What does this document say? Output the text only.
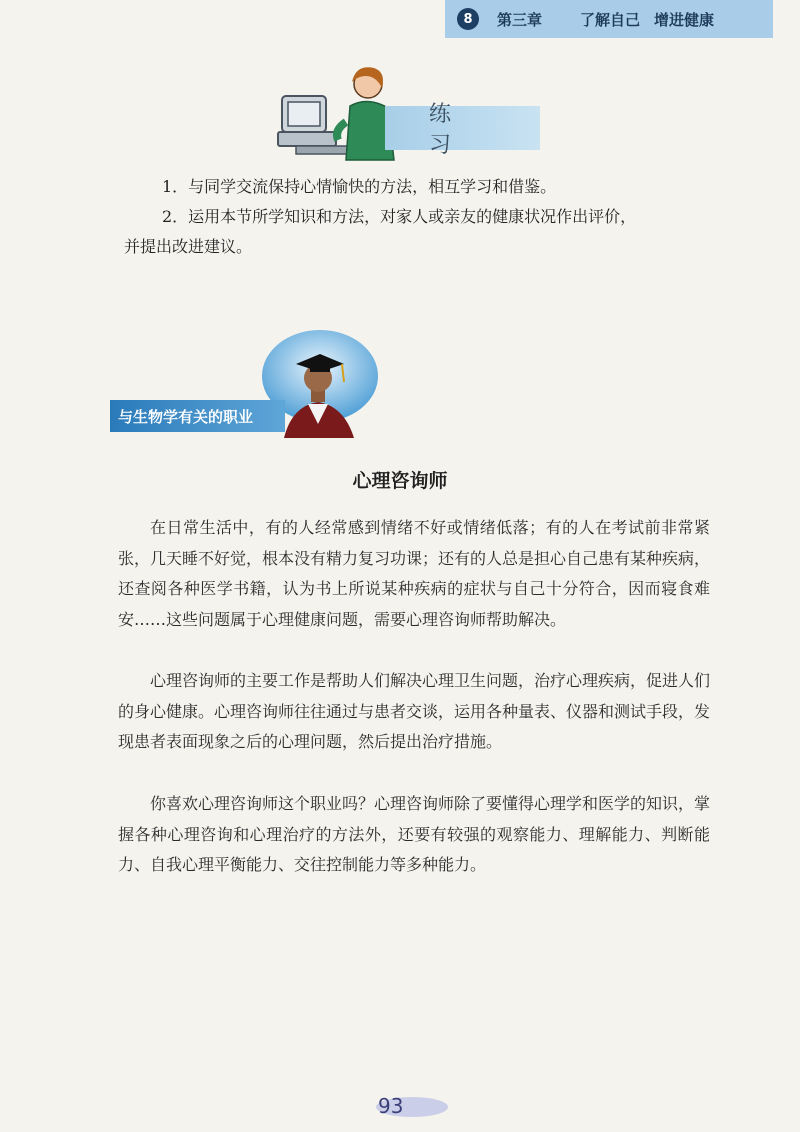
8	第三章	了解自己 增进健康
练习
1．与同学交流保持心情愉快的方法，相互学习和借鉴。
2．运用本节所学知识和方法，对家人或亲友的健康状况作出评价，
并提出改进建议。
与生物学有关的职业
心理咨询师

在日常生活中，有的人经常感到情绪不好或情绪低落；有的人在考试前非常紧张，几天睡不好觉，根本没有精力复习功课；还有的人总是担心自己患有某种疾病，还查阅各种医学书籍，认为书上所说某种疾病的症状与自己十分符合，因而寝食难安……这些问题属于心理健康问题，需要心理咨询师帮助解决。

心理咨询师的主要工作是帮助人们解决心理卫生问题，治疗心理疾病，促进人们的身心健康。心理咨询师往往通过与患者交谈，运用各种量表、仪器和测试手段，发现患者表面现象之后的心理问题，然后提出治疗措施。

你喜欢心理咨询师这个职业吗？心理咨询师除了要懂得心理学和医学的知识，掌握各种心理咨询和心理治疗的方法外，还要有较强的观察能力、理解能力、判断能力、自我心理平衡能力、交往控制能力等多种能力。

93
